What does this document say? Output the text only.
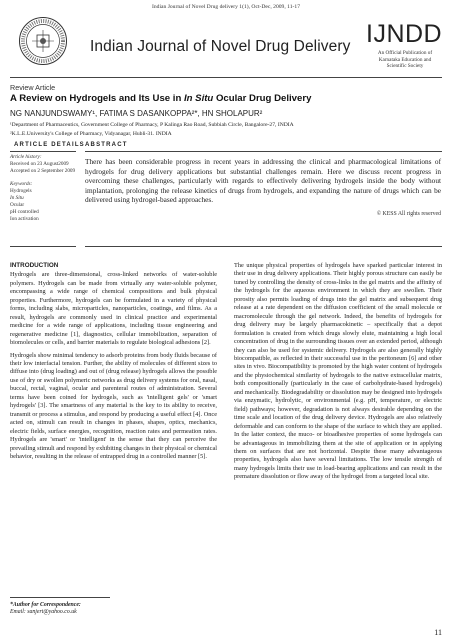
Indian Journal of Novel Drug delivery 1(1), Oct-Dec, 2009, 11-17
Indian Journal of Novel Drug Delivery IJNDD
An Official Publication of
Karnataka Education and
Scientific Society
Review Article
A Review on Hydrogels and Its Use in In Situ Ocular Drug Delivery
NG NANJUNDSWAMY¹, FATIMA S DASANKOPPA²*, HN SHOLAPUR²
¹Department of Pharmaceutics, Government College of Pharmacy, P Kalinga Rao Road, Subbiah Circle, Bangalore-27, INDIA
²K.L.E.University's College of Pharmacy, Vidyanagar, Hubli-31. INDIA
ARTICLE DETAILS ABSTRACT
Article history:
Received on 23 August2009
Accepted on 2 September 2009
Keywords:
Hydrogels
In Situ
Ocular
pH controlled
Ion activation
There has been considerable progress in recent years in addressing the clinical and pharmacological limitations of hydrogels for drug delivery applications but substantial challenges remain. Here we discuss recent progress in overcoming these challenges, particularly with regards to effectively delivering hydrogels inside the body without implantation, prolonging the release kinetics of drugs from hydrogels, and expanding the nature of drugs which can be delivered using hydrogel-based approaches.
© KESS All rights reserved
INTRODUCTION

Hydrogels are three-dimensional, cross-linked networks of water-soluble polymers. Hydrogels can be made from virtually any water-soluble polymer, encompassing a wide range of chemical compositions and bulk physical properties. Furthermore, hydrogels can be formulated in a variety of physical forms, including slabs, microparticles, nanoparticles, coatings, and films. As a result, hydrogels are commonly used in clinical practice and experimental medicine for a wide range of applications, including tissue engineering and regenerative medicine [1], diagnostics, cellular immobilization, separation of biomolecules or cells, and barrier materials to regulate biological adhesions [2].

Hydrogels show minimal tendency to adsorb proteins from body fluids because of their low interfacial tension. Further, the ability of molecules of different sizes to diffuse into (drug loading) and out of (drug release) hydrogels allows the possible use of dry or swollen polymeric networks as drug delivery systems for oral, nasal, buccal, rectal, vaginal, ocular and parenteral routes of administration. Several terms have been coined for hydrogels, such as 'intelligent gels' or 'smart hydrogels' [3]. The smartness of any material is the key to its ability to receive, transmit or process a stimulus, and respond by producing a useful effect [4]. Once acted on, stimuli can result in changes in phases, shapes, optics, mechanics, electric fields, surface energies, recognition, reaction rates and permeation rates. Hydrogels are 'smart' or 'intelligent' in the sense that they can perceive the prevailing stimuli and respond by exhibiting changes in their physical or chemical behavior, resulting in the release of entrapped drug in a controlled manner [5].

*Author for Correspondence:
Email: sanjert@yahoo.co.uk

The unique physical properties of hydrogels have sparked particular interest in their use in drug delivery applications. Their highly porous structure can easily be tuned by controlling the density of cross-links in the gel matrix and the affinity of the hydrogels for the aqueous environment in which they are swollen. Their porosity also permits loading of drugs into the gel matrix and subsequent drug release at a rate dependent on the diffusion coefficient of the small molecule or macromolecule through the gel network. Indeed, the benefits of hydrogels for drug delivery may be largely pharmacokinetic – specifically that a depot formulation is created from which drugs slowly elute, maintaining a high local concentration of drug in the surrounding tissues over an extended period, although they can also be used for systemic delivery. Hydrogels are also generally highly biocompatible, as reflected in their successful use in the peritoneum [6] and other sites in vivo. Biocompatibility is promoted by the high water content of hydrogels and the physiochemical similarity of hydrogels to the native extracellular matrix, both compositionally (particularly in the case of carbohydrate-based hydrogels) and mechanically. Biodegradability or dissolution may be designed into hydrogels via enzymatic, hydrolytic, or environmental (e.g. pH, temperature, or electric field) pathways; however, degradation is not always desirable depending on the time scale and location of the drug delivery device. Hydrogels are also relatively deformable and can conform to the shape of the surface to which they are applied. In the latter context, the muco- or bioadhesive properties of some hydrogels can be advantageous in immobilizing them at the site of application or in applying them on surfaces that are not horizontal. Despite these many advantageous properties, hydrogels also have several limitations. The low tensile strength of many hydrogels limits their use in load-bearing applications and can result in the premature dissolution or flow away of the hydrogel from a targeted local site.

11
